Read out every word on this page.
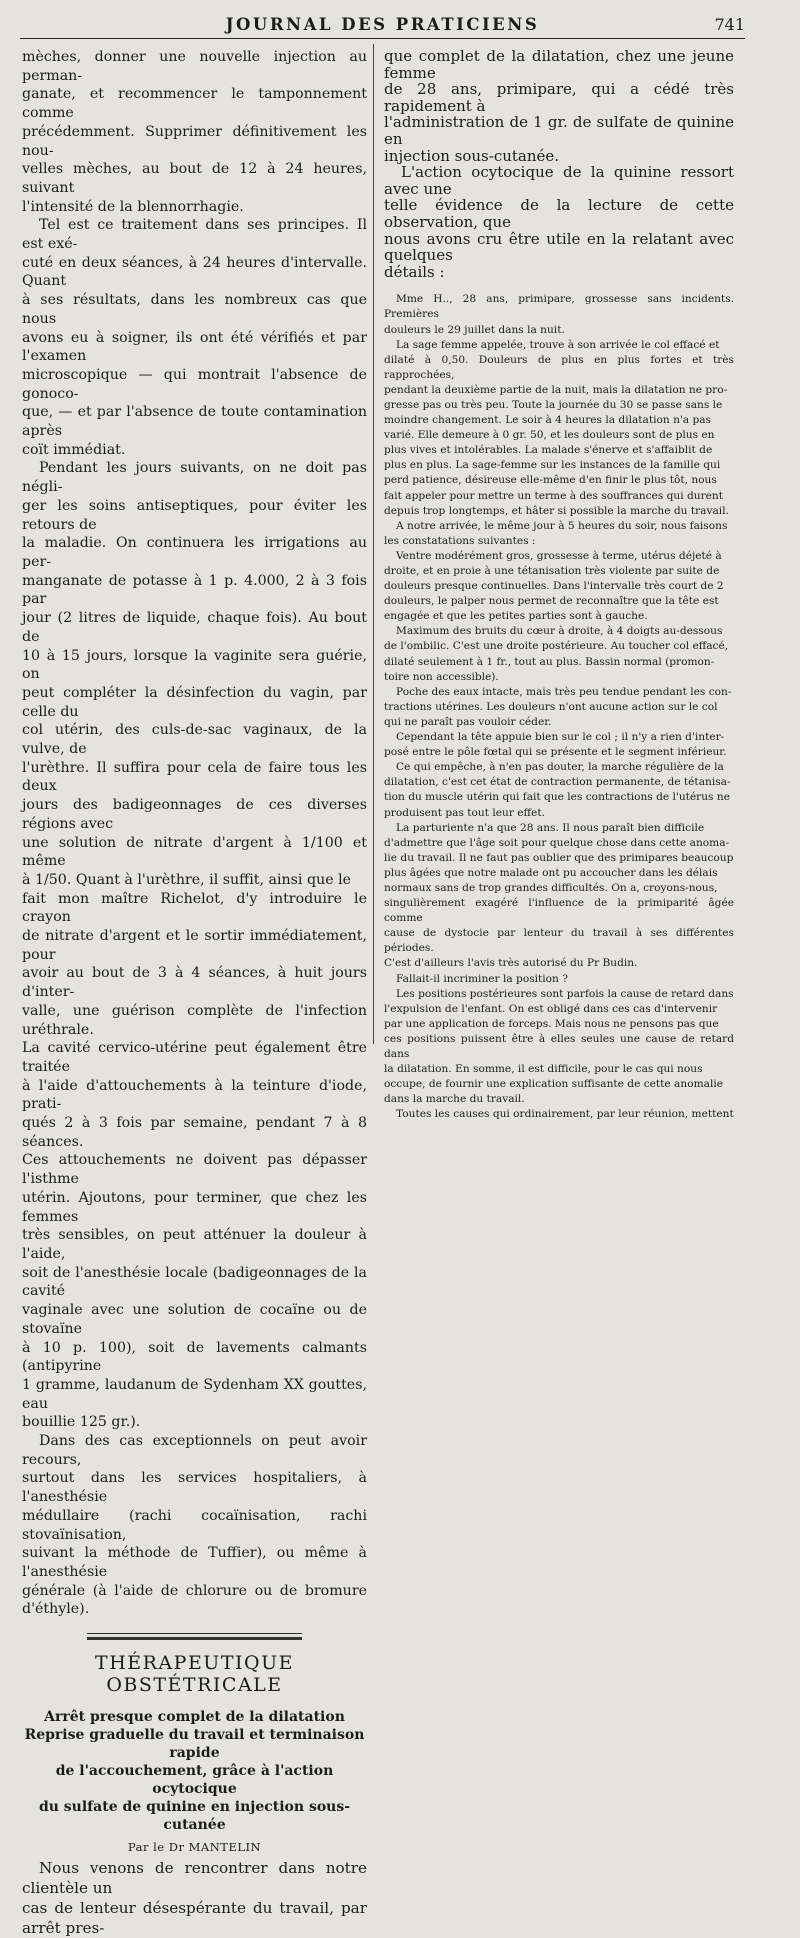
JOURNAL DES PRATICIENS	741

mèches, donner une nouvelle injection au perman-
ganate, et recommencer le tamponnement comme
précédemment. Supprimer définitivement les nou-
velles mèches, au bout de 12 à 24 heures, suivant
l'intensité de la blennorrhagie.

Tel est ce traitement dans ses principes. Il est exé-
cuté en deux séances, à 24 heures d'intervalle. Quant
à ses résultats, dans les nombreux cas que nous
avons eu à soigner, ils ont été vérifiés et par l'examen
microscopique — qui montrait l'absence de gonoco-
que, — et par l'absence de toute contamination après
coït immédiat.

Pendant les jours suivants, on ne doit pas négli-
ger les soins antiseptiques, pour éviter les retours de
la maladie. On continuera les irrigations au per-
manganate de potasse à 1 p. 4.000, 2 à 3 fois par
jour (2 litres de liquide, chaque fois). Au bout de
10 à 15 jours, lorsque la vaginite sera guérie, on
peut compléter la désinfection du vagin, par celle du
col utérin, des culs-de-sac vaginaux, de la vulve, de
l'urèthre. Il suffira pour cela de faire tous les deux
jours des badigeonnages de ces diverses régions avec
une solution de nitrate d'argent à 1/100 et même
à 1/50. Quant à l'urèthre, il suffit, ainsi que le
fait mon maître Richelot, d'y introduire le crayon
de nitrate d'argent et le sortir immédiatement, pour
avoir au bout de 3 à 4 séances, à huit jours d'inter-
valle, une guérison complète de l'infection uréthrale.
La cavité cervico-utérine peut également être traitée
à l'aide d'attouchements à la teinture d'iode, prati-
qués 2 à 3 fois par semaine, pendant 7 à 8 séances.
Ces attouchements ne doivent pas dépasser l'isthme
utérin. Ajoutons, pour terminer, que chez les femmes
très sensibles, on peut atténuer la douleur à l'aide,
soit de l'anesthésie locale (badigeonnages de la cavité
vaginale avec une solution de cocaïne ou de stovaïne
à 10 p. 100), soit de lavements calmants (antipyrine
1 gramme, laudanum de Sydenham XX gouttes, eau
bouillie 125 gr.).

Dans des cas exceptionnels on peut avoir recours,
surtout dans les services hospitaliers, à l'anesthésie
médullaire (rachi cocaïnisation, rachi stovaïnisation,
suivant la méthode de Tuffier), ou même à l'anesthésie
générale (à l'aide de chlorure ou de bromure d'éthyle).

THÉRAPEUTIQUE OBSTÉTRICALE

Arrêt presque complet de la dilatation
Reprise graduelle du travail et terminaison rapide
de l'accouchement, grâce à l'action ocytocique
du sulfate de quinine en injection sous-cutanée

Par le Dr MANTELIN

Nous venons de rencontrer dans notre clientèle un
cas de lenteur désespérante du travail, par arrêt pres-

que complet de la dilatation, chez une jeune femme
de 28 ans, primipare, qui a cédé très rapidement à
l'administration de 1 gr. de sulfate de quinine en
injection sous-cutanée.

L'action ocytocique de la quinine ressort avec une
telle évidence de la lecture de cette observation, que
nous avons cru être utile en la relatant avec quelques
détails :

Mme H.., 28 ans, primipare, grossesse sans incidents. Premières
douleurs le 29 juillet dans la nuit.

La sage femme appelée, trouve à son arrivée le col effacé et
dilaté à 0,50. Douleurs de plus en plus fortes et très rapprochées,
pendant la deuxième partie de la nuit, mais la dilatation ne pro-
gresse pas ou très peu. Toute la journée du 30 se passe sans le
moindre changement. Le soir à 4 heures la dilatation n'a pas
varié. Elle demeure à 0 gr. 50, et les douleurs sont de plus en
plus vives et intolérables. La malade s'énerve et s'affaiblit de
plus en plus. La sage-femme sur les instances de la famille qui
perd patience, désireuse elle-même d'en finir le plus tôt, nous
fait appeler pour mettre un terme à des souffrances qui durent
depuis trop longtemps, et hâter si possible la marche du travail.

A notre arrivée, le même jour à 5 heures du soir, nous faisons
les constatations suivantes :

Ventre modérément gros, grossesse à terme, utérus déjeté à
droite, et en proie à une tétanisation très violente par suite de
douleurs presque continuelles. Dans l'intervalle très court de 2
douleurs, le palper nous permet de reconnaître que la tête est
engagée et que les petites parties sont à gauche.

Maximum des bruits du cœur à droite, à 4 doigts au-dessous
de l'ombilic. C'est une droite postérieure. Au toucher col effacé,
dilaté seulement à 1 fr., tout au plus. Bassin normal (promon-
toire non accessible).

Poche des eaux intacte, mais très peu tendue pendant les con-
tractions utérines. Les douleurs n'ont aucune action sur le col
qui ne paraît pas vouloir céder.

Cependant la tête appuie bien sur le col ; il n'y a rien d'inter-
posé entre le pôle fœtal qui se présente et le segment inférieur.

Ce qui empêche, à n'en pas douter, la marche régulière de la
dilatation, c'est cet état de contraction permanente, de tétanisa-
tion du muscle utérin qui fait que les contractions de l'utérus ne
produisent pas tout leur effet.

La parturiente n'a que 28 ans. Il nous paraît bien difficile
d'admettre que l'âge soit pour quelque chose dans cette anoma-
lie du travail. Il ne faut pas oublier que des primipares beaucoup
plus âgées que notre malade ont pu accoucher dans les délais
normaux sans de trop grandes difficultés. On a, croyons-nous,
singulièrement exagéré l'influence de la primiparité âgée comme
cause de dystocie par lenteur du travail à ses différentes périodes.
C'est d'ailleurs l'avis très autorisé du Pr Budin.

Fallait-il incriminer la position ?

Les positions postérieures sont parfois la cause de retard dans
l'expulsion de l'enfant. On est obligé dans ces cas d'intervenir
par une application de forceps. Mais nous ne pensons pas que
ces positions puissent être à elles seules une cause de retard dans
la dilatation. En somme, il est difficile, pour le cas qui nous
occupe, de fournir une explication suffisante de cette anomalie
dans la marche du travail.

Toutes les causes qui ordinairement, par leur réunion, mettent
